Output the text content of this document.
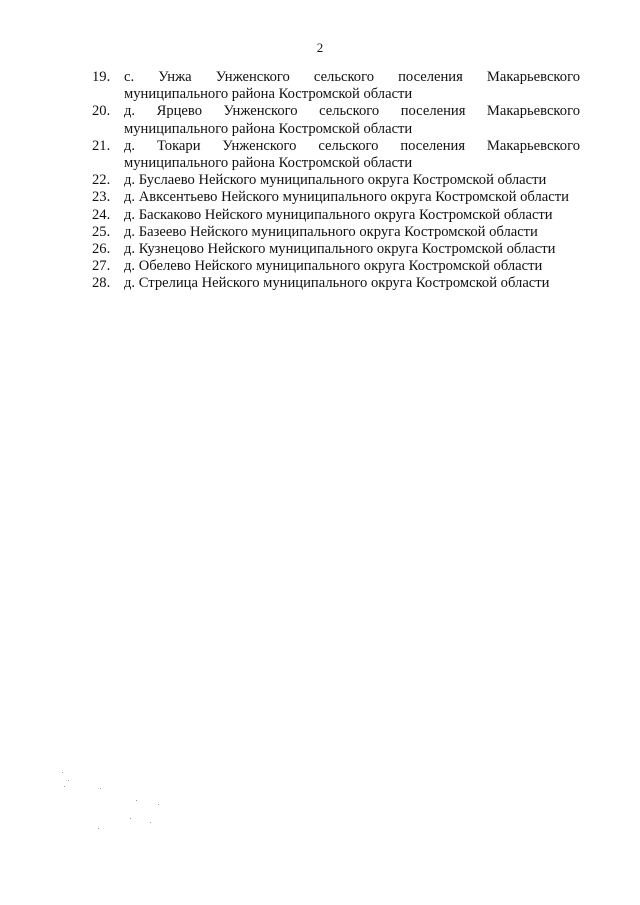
2
19. с. Унжа Унженского сельского поселения Макарьевского муниципального района Костромской области
20. д. Ярцево Унженского сельского поселения Макарьевского муниципального района Костромской области
21. д. Токари Унженского сельского поселения Макарьевского муниципального района Костромской области
22. д. Буслаево Нейского муниципального округа Костромской области
23. д. Авксентьево Нейского муниципального округа Костромской области
24. д. Баскаково Нейского муниципального округа Костромской области
25. д. Базеево Нейского муниципального округа Костромской области
26. д. Кузнецово Нейского муниципального округа Костромской области
27. д. Обелево Нейского муниципального округа Костромской области
28. д. Стрелица Нейского муниципального округа Костромской области
